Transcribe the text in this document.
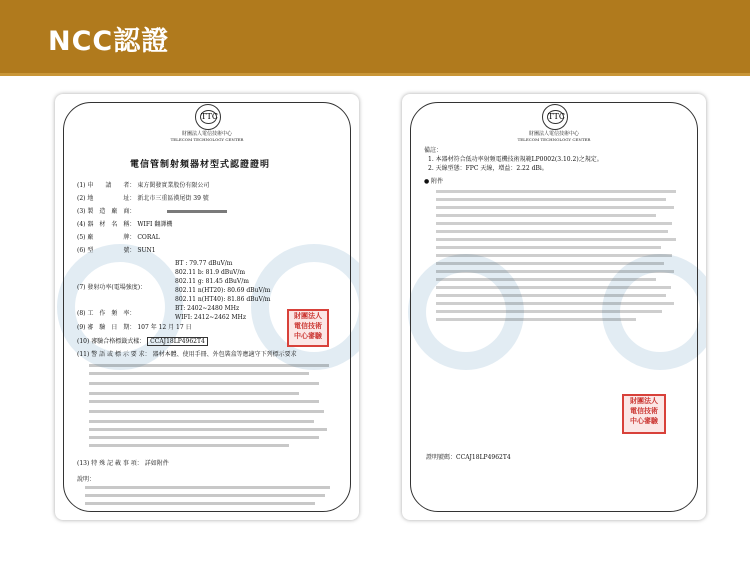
NCC認證
TTC
財團法人電信技術中心
TELECOM TECHNOLOGY CENTER
電信管制射頻器材型式認證證明
(1) 申　　請　　者： 東方閎發實業股份有限公司
(2) 地　　　　　址： 新北市三重區漢尾街 39 號
(3) 製　造　廠　商：
(4) 器　材　名　稱： WIFI 翻譯機
(5) 廠　　　　　牌： CORAL
(6) 型　　　　　號： SUN1
(7) 發射功率(電場強度)：
BT : 79.77 dBuV/m
802.11 b: 81.9 dBuV/m
802.11 g: 81.45 dBuV/m
802.11 n(HT20): 80.69 dBuV/m
802.11 n(HT40): 81.86 dBuV/m
(8) 工　作　頻　率：
BT: 2402~2480 MHz
WIFI: 2412~2462 MHz
(9) 審　驗　日　期： 107 年 12 月 17 日
(10) 審驗合格標籤式樣： CCAJ18LP4962T4
(11) 警 語 或 標 示 要 求： 器材本體、使用手冊、外包裝盒等應適守下列標示要求
(13) 特 殊 記 載 事 項： 詳如附件
說明：
財團法人
電信技術
中心審驗
TTC
財團法人電信技術中心
TELECOM TECHNOLOGY CENTER
備註：
1. 本器材符合低功率射頻電機技術規範LP0002(3.10.2)之規定。
2. 天線型態：FPC 天線，增益：2.22 dBi。
● 附件
財團法人
電信技術
中心審驗
證明號碼：CCAJ18LP4962T4
